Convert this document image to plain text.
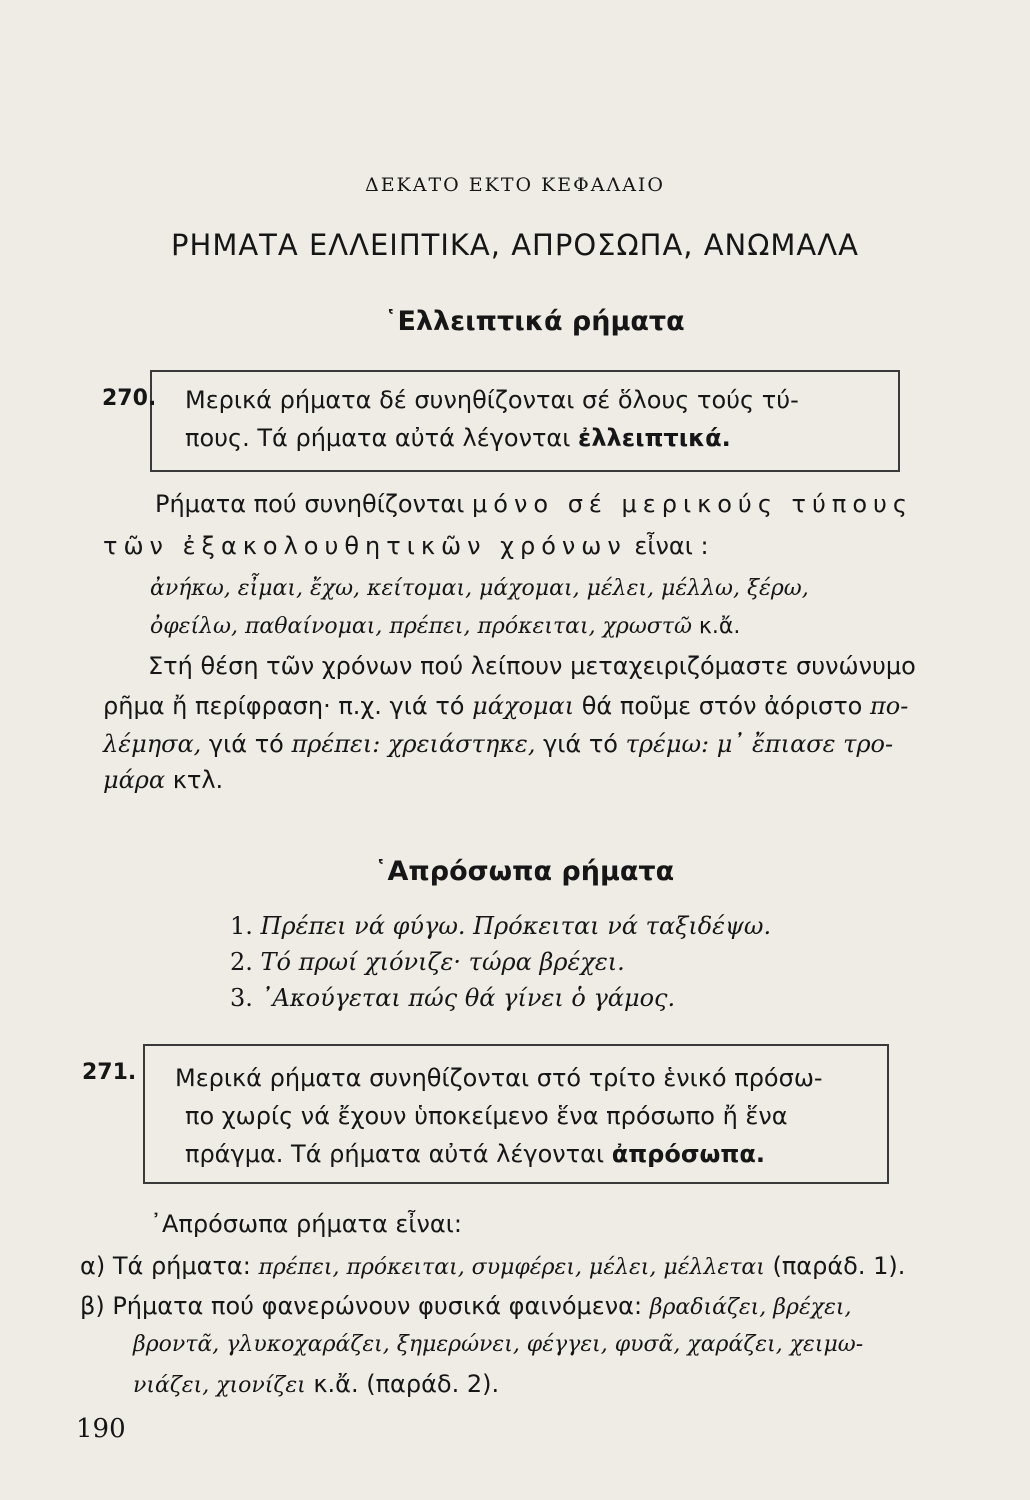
ΔΕΚΑΤΟ ΕΚΤΟ ΚΕΦΑΛΑΙΟ
ΡΗΜΑΤΑ ΕΛΛΕΙΠΤΙΚΑ, ΑΠΡΟΣΩΠΑ, ΑΝΩΜΑΛΑ
῾Ελλειπτικά ρήματα
270. Μερικά ρήματα δέ συνηθίζονται σέ ὅλους τούς τύ-
πους. Τά ρήματα αὐτά λέγονται ἐλλειπτικά.
Ρήματα πού συνηθίζονται μόνο σέ μερικούς τύπους
τῶν ἐξακολουθητικῶν χρόνων εἶναι :
ἀνήκω, εἶμαι, ἔχω, κείτομαι, μάχομαι, μέλει, μέλλω, ξέρω,
ὀφείλω, παθαίνομαι, πρέπει, πρόκειται, χρωστῶ κ.ἄ.
Στή θέση τῶν χρόνων πού λείπουν μεταχειριζόμαστε συνώνυμο
ρῆμα ἤ περίφραση· π.χ. γιά τό μάχομαι θά ποῦμε στόν ἀόριστο πο-
λέμησα, γιά τό πρέπει: χρειάστηκε, γιά τό τρέμω: μ᾿ ἔπιασε τρο-
μάρα κτλ.
῾Απρόσωπα ρήματα
1. Πρέπει νά φύγω. Πρόκειται νά ταξιδέψω.
2. Τό πρωί χιόνιζε· τώρα βρέχει.
3. ᾿Ακούγεται πώς θά γίνει ὁ γάμος.
271. Μερικά ρήματα συνηθίζονται στό τρίτο ἑνικό πρόσω-
πο χωρίς νά ἔχουν ὑποκείμενο ἕνα πρόσωπο ἤ ἕνα
πράγμα. Τά ρήματα αὐτά λέγονται ἀπρόσωπα.
᾿Απρόσωπα ρήματα εἶναι:
α) Τά ρήματα: πρέπει, πρόκειται, συμφέρει, μέλει, μέλλεται (παράδ. 1).
β) Ρήματα πού φανερώνουν φυσικά φαινόμενα: βραδιάζει, βρέχει,
βροντᾶ, γλυκοχαράζει, ξημερώνει, φέγγει, φυσᾶ, χαράζει, χειμω-
νιάζει, χιονίζει κ.ἄ. (παράδ. 2).
190
